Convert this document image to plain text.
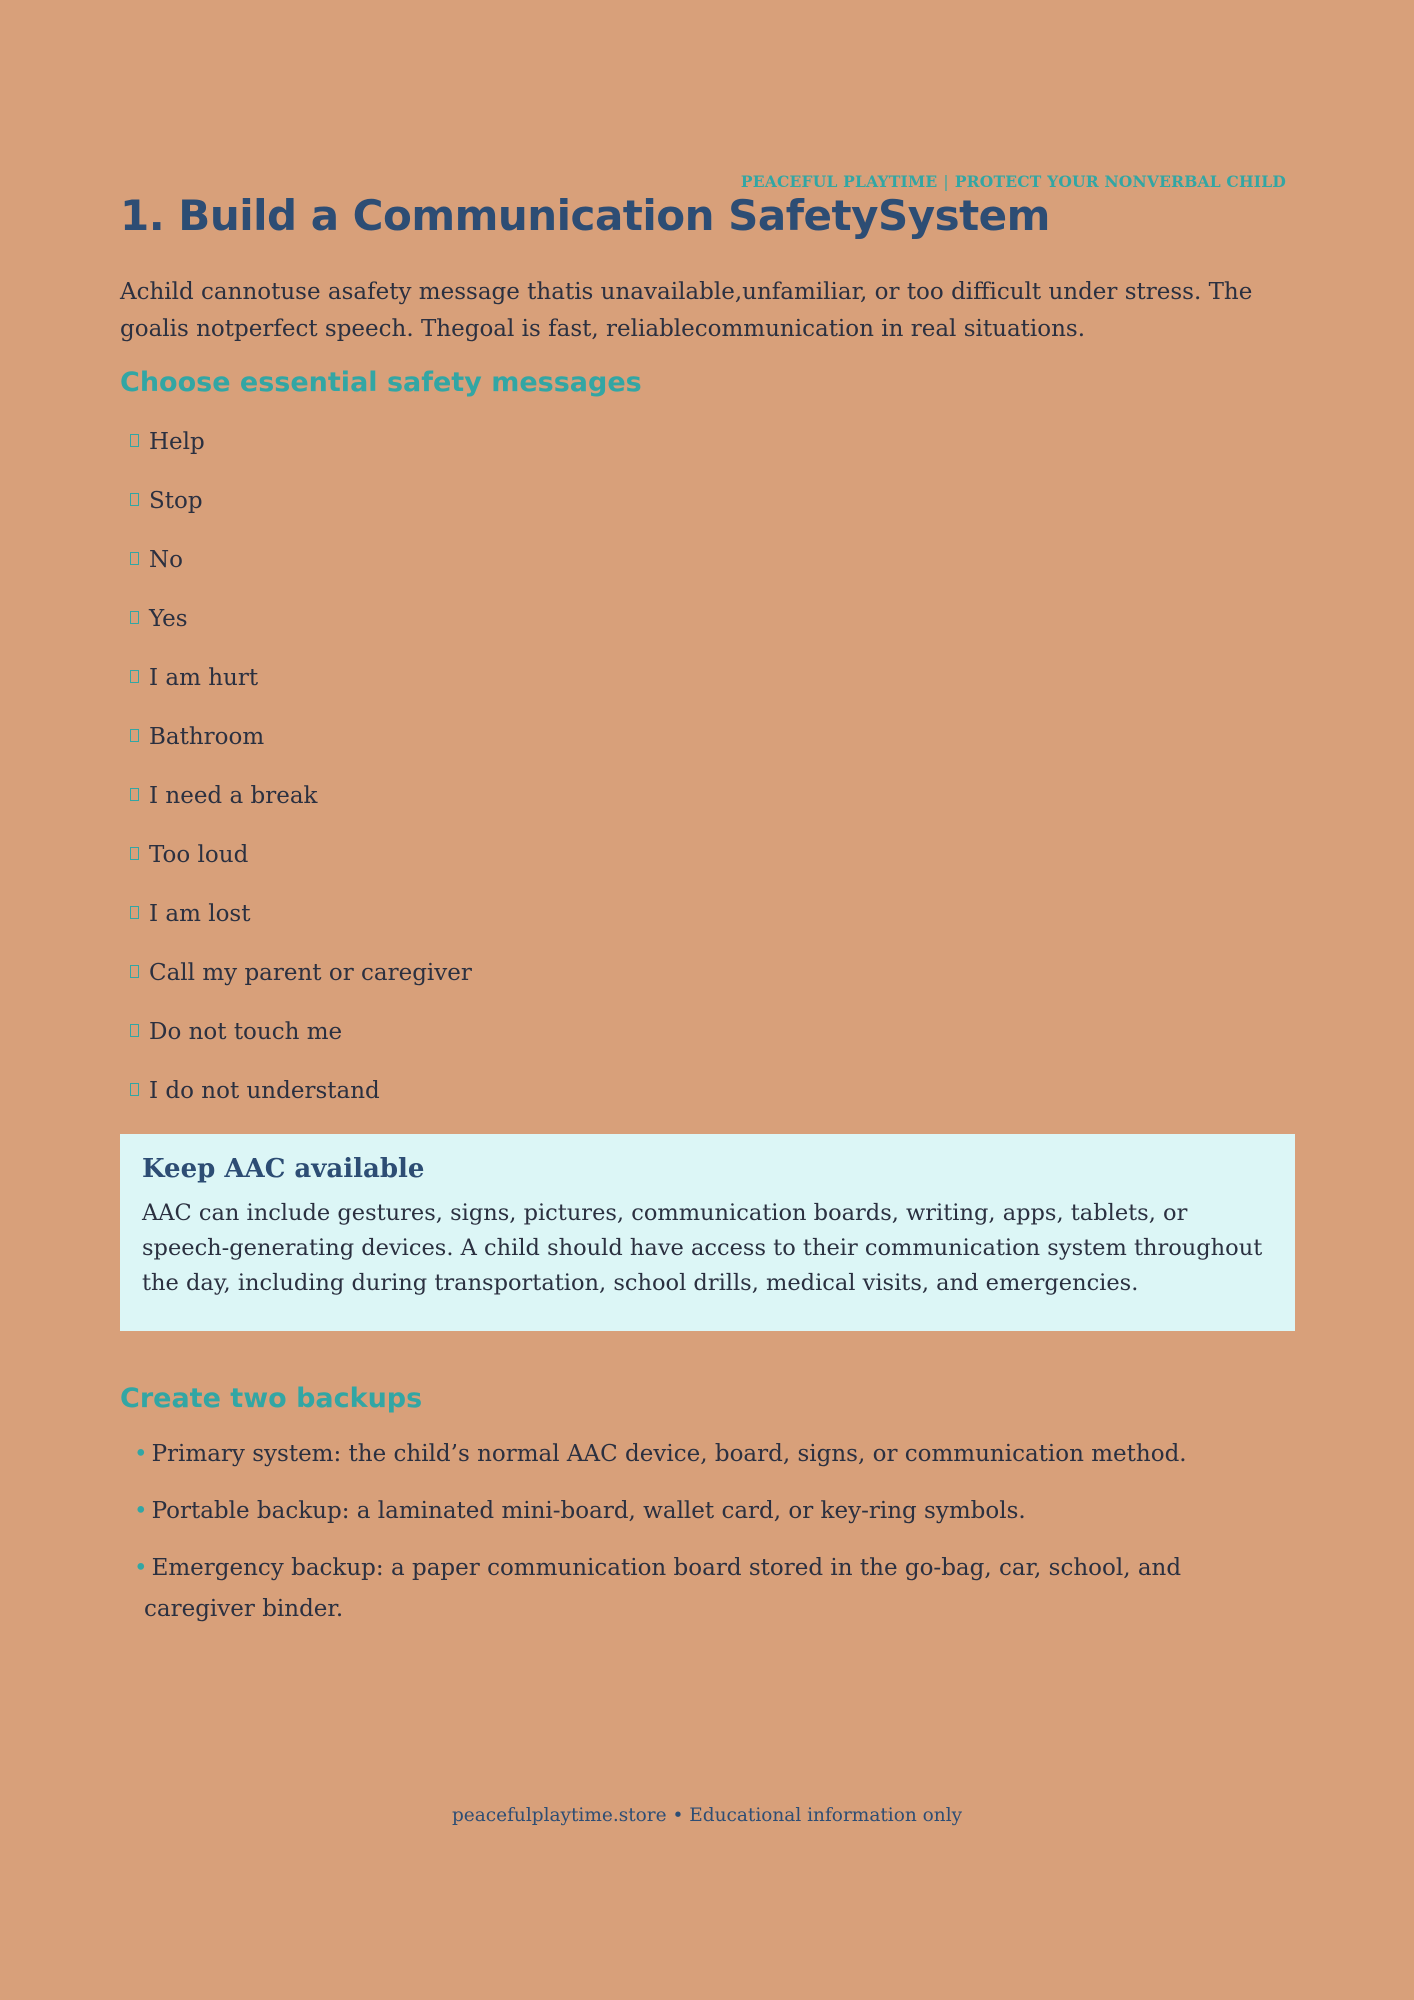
PEACEFUL PLAYTIME | PROTECT YOUR NONVERBAL CHILD
1. Build a Communication SafetySystem

Achild cannotuse asafety message thatis unavailable,unfamiliar, or too difficult under stress. The goalis notperfect speech. Thegoal is fast, reliablecommunication in real situations.

Choose essential safety messages
Help
Stop
No
Yes
I am hurt
Bathroom
I need a break
Too loud
I am lost
Call my parent or caregiver
Do not touch me
I do not understand
Keep AAC available

AAC can include gestures, signs, pictures, communication boards, writing, apps, tablets, or speech-generating devices. A child should have access to their communication system throughout the day, including during transportation, school drills, medical visits, and emergencies.

Create two backups
• Primary system: the child’s normal AAC device, board, signs, or communication method.
• Portable backup: a laminated mini-board, wallet card, or key-ring symbols.
• Emergency backup: a paper communication board stored in the go-bag, car, school, and caregiver binder.
peacefulplaytime.store • Educational information only
